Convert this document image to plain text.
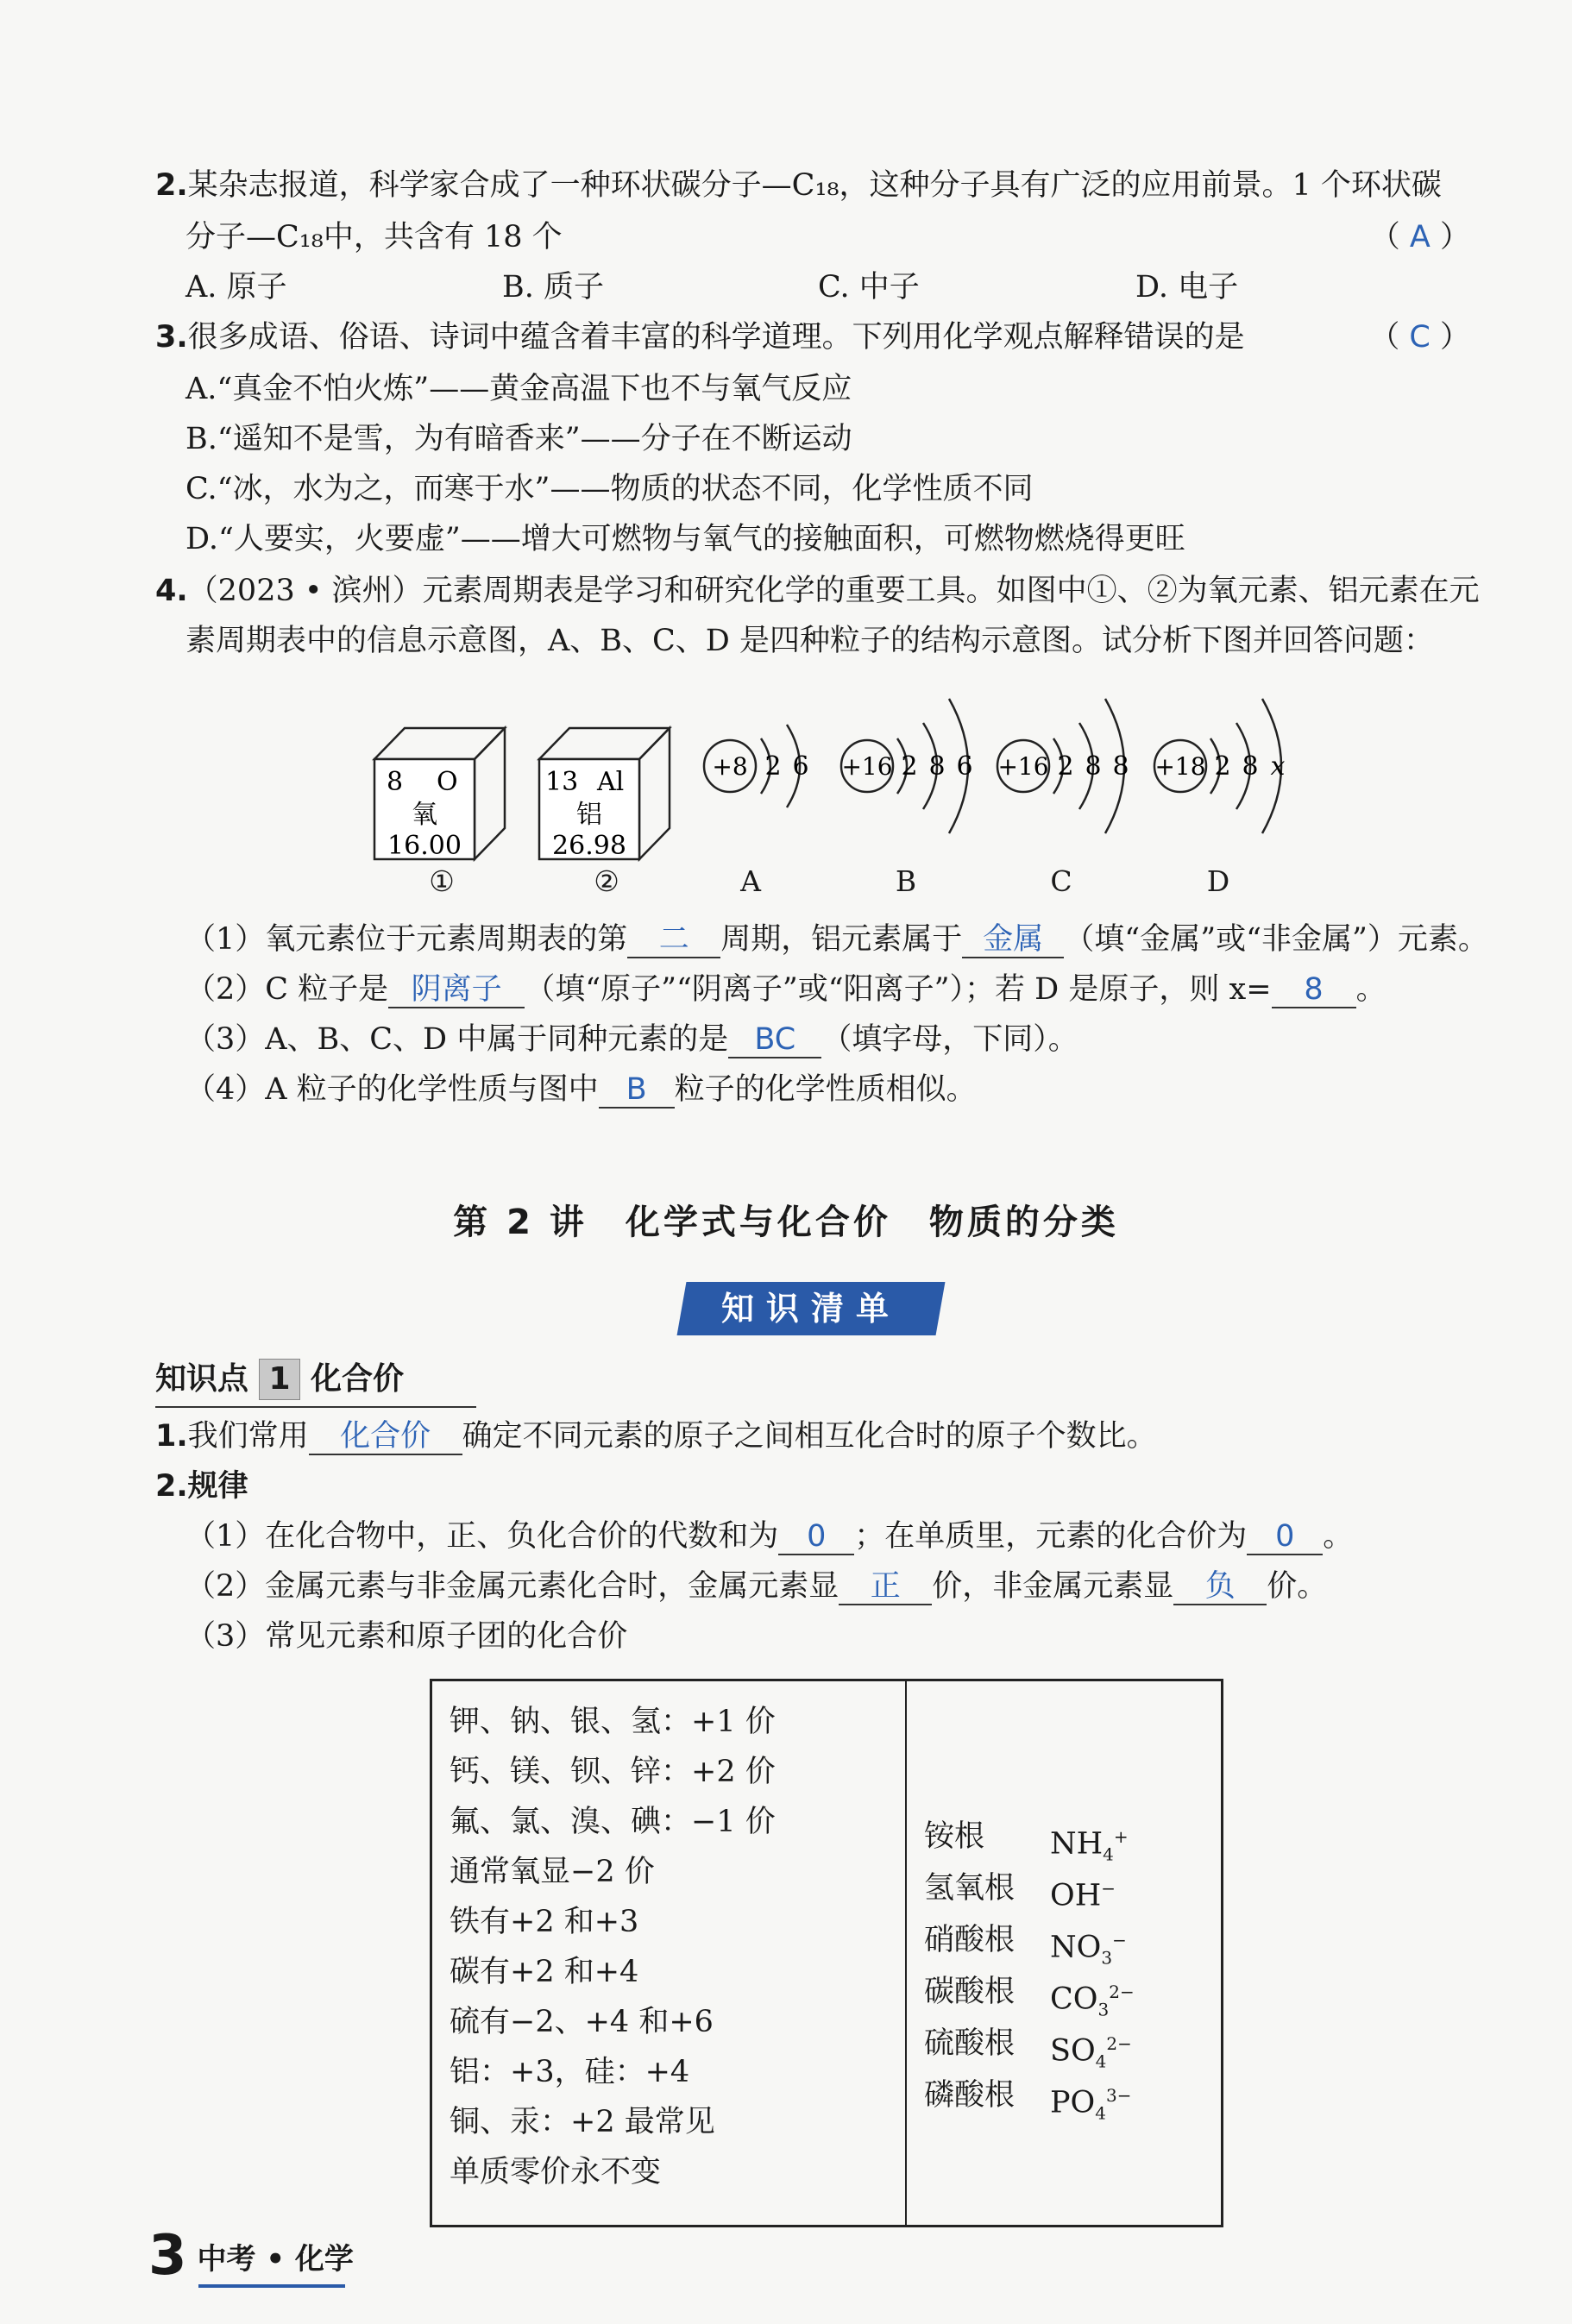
2.某杂志报道，科学家合成了一种环状碳分子—C₁₈，这种分子具有广泛的应用前景。1 个环状碳
分子—C₁₈中，共含有 18 个	（ A ）
A. 原子	B. 质子	C. 中子	D. 电子
3.很多成语、俗语、诗词中蕴含着丰富的科学道理。下列用化学观点解释错误的是	（ C ）
A.“真金不怕火炼”——黄金高温下也不与氧气反应
B.“遥知不是雪，为有暗香来”——分子在不断运动
C.“冰，水为之，而寒于水”——物质的状态不同，化学性质不同
D.“人要实，火要虚”——增大可燃物与氧气的接触面积，可燃物燃烧得更旺
4.（2023 • 滨州）元素周期表是学习和研究化学的重要工具。如图中①、②为氧元素、铝元素在元
素周期表中的信息示意图，A、B、C、D 是四种粒子的结构示意图。试分析下图并回答问题：
8 O
氧
16.00
13 Al
铝
26.98
①	②
+8 2 6 +16 2 8 6 +16 2 8 8 +18 2 8 x
A	B	C	D
（1）氧元素位于元素周期表的第 二 周期，铝元素属于 金属 （填“金属”或“非金属”）元素。
（2）C 粒子是 阴离子 （填“原子”“阴离子”或“阳离子”）；若 D 是原子，则 x= 8 。
（3）A、B、C、D 中属于同种元素的是 BC （填字母，下同）。
（4）A 粒子的化学性质与图中 B 粒子的化学性质相似。
第 2 讲　化学式与化合价　物质的分类
知识清单
知识点 1 化合价
1.我们常用 化合价 确定不同元素的原子之间相互化合时的原子个数比。
2.规律
（1）在化合物中，正、负化合价的代数和为 0 ；在单质里，元素的化合价为 0 。
（2）金属元素与非金属元素化合时，金属元素显 正 价，非金属元素显 负 价。
（3）常见元素和原子团的化合价
钾、钠、银、氢：+1 价
钙、镁、钡、锌：+2 价
氟、氯、溴、碘：−1 价
通常氧显−2 价
铁有+2 和+3
碳有+2 和+4
硫有−2、+4 和+6
铝：+3，硅：+4
铜、汞：+2 最常见
单质零价永不变
铵根 $NH_4^+$
氢氧根 OH−
硝酸根 $NO_3^-$
碳酸根 $CO_3^{2-}$
硫酸根 $SO_4^{2-}$
磷酸根 $PO_4^{3-}$
3 中考 • 化学
